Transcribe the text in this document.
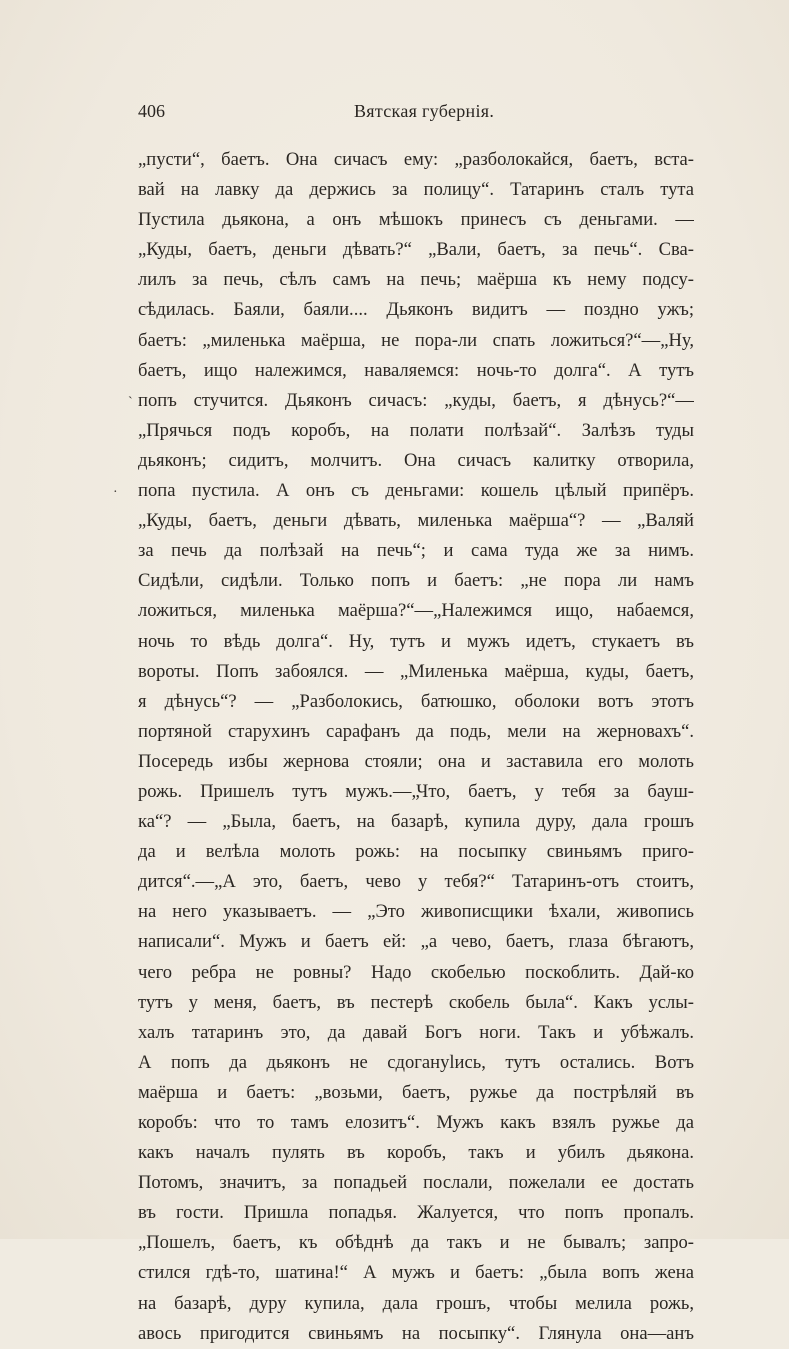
406	Вятская губернія.
„пусти“, баетъ. Она сичасъ ему: „разболокайся, баетъ, вста-
вай на лавку да держись за полицу“. Татаринъ сталъ тута
Пустила дьякона, а онъ мѣшокъ принесъ съ деньгами. —
„Куды, баетъ, деньги дѣвать?“ „Вали, баетъ, за печь“. Сва-
лилъ за печь, сѣлъ самъ на печь; маёрша къ нему подсу-
сѣдилась. Баяли, баяли.... Дьяконъ видитъ — поздно ужъ;
баетъ: „миленька маёрша, не пора-ли спать ложиться?“—„Ну,
баетъ, ищо належимся, наваляемся: ночь-то долга“. А тутъ
попъ стучится. Дьяконъ сичасъ: „куды, баетъ, я дѣнусь?“—
„Прячься подъ коробъ, на полати полѣзай“. Залѣзъ туды
дьяконъ; сидитъ, молчитъ. Она сичасъ калитку отворила,
попа пустила. А онъ съ деньгами: кошель цѣлый припёръ.
„Куды, баетъ, деньги дѣвать, миленька маёрша“? — „Валяй
за печь да полѣзай на печь“; и сама туда же за нимъ.
Сидѣли, сидѣли. Только попъ и баетъ: „не пора ли намъ
ложиться, миленька маёрша?“—„Належимся ищо, набаемся,
ночь то вѣдь долга“. Ну, тутъ и мужъ идетъ, стукаетъ въ
вороты. Попъ забоялся. — „Миленька маёрша, куды, баетъ,
я дѣнусь“? — „Разболокись, батюшко, оболоки вотъ этотъ
портяной старухинъ сарафанъ да подь, мели на жерновахъ“.
Посередь избы жернова стояли; она и заставила его молоть
рожь. Пришелъ тутъ мужъ.—„Что, баетъ, у тебя за бауш-
ка“? — „Была, баетъ, на базарѣ, купила дуру, дала грошъ
да и велѣла молоть рожь: на посыпку свиньямъ приго-
дится“.—„А это, баетъ, чево у тебя?“ Татаринъ-отъ стоитъ,
на него указываетъ. — „Это живописщики ѣхали, живопись
написали“. Мужъ и баетъ ей: „а чево, баетъ, глаза бѣгаютъ,
чего ребра не ровны? Надо скобелью поскоблить. Дай-ко
тутъ у меня, баетъ, въ пестерѣ скобель была“. Какъ услы-
халъ татаринъ это, да давай Богъ ноги. Такъ и убѣжалъ.
А попъ да дьяконъ не сдогануlись, тутъ остались. Вотъ
маёрша и баетъ: „возьми, баетъ, ружье да пострѣляй въ
коробъ: что то тамъ елозитъ“. Мужъ какъ взялъ ружье да
какъ началъ пулять въ коробъ, такъ и убилъ дьякона.
Потомъ, значитъ, за попадьей послали, пожелали ее достать
въ гости. Пришла попадья. Жалуется, что попъ пропалъ.
„Пошелъ, баетъ, къ обѣднѣ да такъ и не бывалъ; запро-
стился гдѣ-то, шатина!“ А мужъ и баетъ: „была вопъ жена
на базарѣ, дуру купила, дала грошъ, чтобы мелила рожь,
авось пригодится свиньямъ на посыпку“. Глянула она—анъ
ˋ
·
